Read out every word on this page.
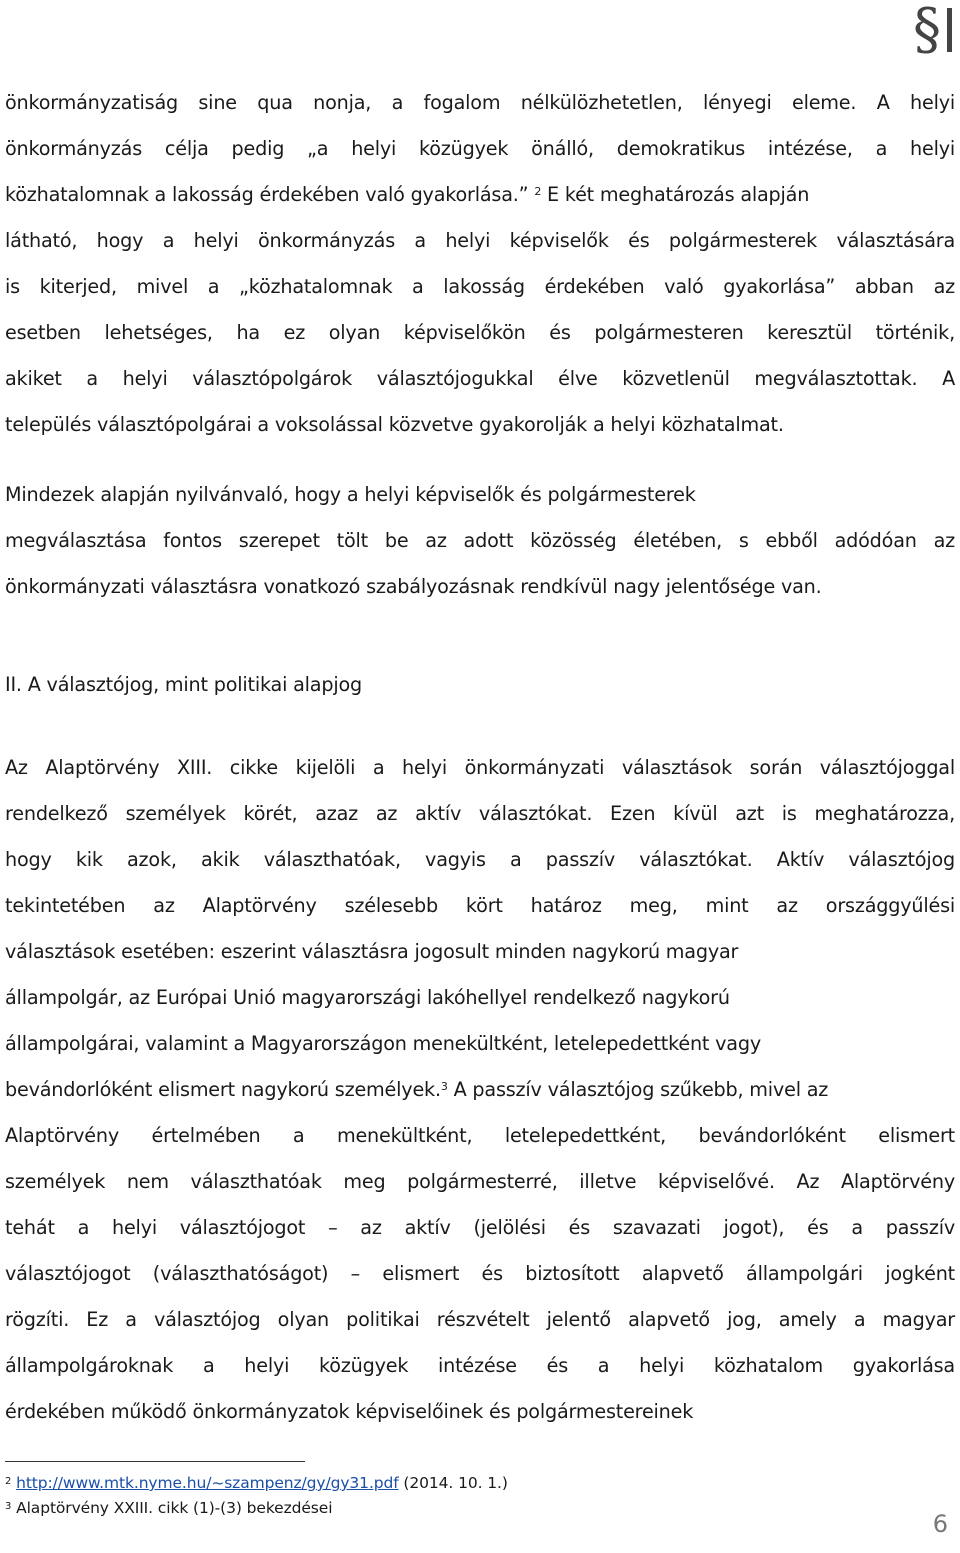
§
önkormányzatiság sine qua nonja, a fogalom nélkülözhetetlen, lényegi eleme. A helyi
önkormányzás célja pedig „a helyi közügyek önálló, demokratikus intézése, a helyi
közhatalomnak a lakosság érdekében való gyakorlása.” $^2$ E két meghatározás alapján
látható, hogy a helyi önkormányzás a helyi képviselők és polgármesterek választására
is kiterjed, mivel a „közhatalomnak a lakosság érdekében való gyakorlása” abban az
esetben lehetséges, ha ez olyan képviselőkön és polgármesteren keresztül történik,
akiket a helyi választópolgárok választójogukkal élve közvetlenül megválasztottak. A
település választópolgárai a voksolással közvetve gyakorolják a helyi közhatalmat.
Mindezek alapján nyilvánvaló, hogy a helyi képviselők és polgármesterek
megválasztása fontos szerepet tölt be az adott közösség életében, s ebből adódóan az
önkormányzati választásra vonatkozó szabályozásnak rendkívül nagy jelentősége van.
II. A választójog, mint politikai alapjog
Az Alaptörvény XIII. cikke kijelöli a helyi önkormányzati választások során választójoggal
rendelkező személyek körét, azaz az aktív választókat. Ezen kívül azt is meghatározza,
hogy kik azok, akik választhatóak, vagyis a passzív választókat. Aktív választójog
tekintetében az Alaptörvény szélesebb kört határoz meg, mint az országgyűlési
választások esetében: eszerint választásra jogosult minden nagykorú magyar
állampolgár, az Európai Unió magyarországi lakóhellyel rendelkező nagykorú
állampolgárai, valamint a Magyarországon menekültként, letelepedettként vagy
bevándorlóként elismert nagykorú személyek.$^3$ A passzív választójog szűkebb, mivel az
Alaptörvény értelmében a menekültként, letelepedettként, bevándorlóként elismert
személyek nem választhatóak meg polgármesterré, illetve képviselővé. Az Alaptörvény
tehát a helyi választójogot – az aktív (jelölési és szavazati jogot), és a passzív
választójogot (választhatóságot) – elismert és biztosított alapvető állampolgári jogként
rögzíti. Ez a választójog olyan politikai részvételt jelentő alapvető jog, amely a magyar
állampolgároknak a helyi közügyek intézése és a helyi közhatalom gyakorlása
érdekében működő önkormányzatok képviselőinek és polgármestereinek
$^2$ http://www.mtk.nyme.hu/~szampenz/gy/gy31.pdf (2014. 10. 1.)
$^3$ Alaptörvény XXIII. cikk (1)-(3) bekezdései
6
